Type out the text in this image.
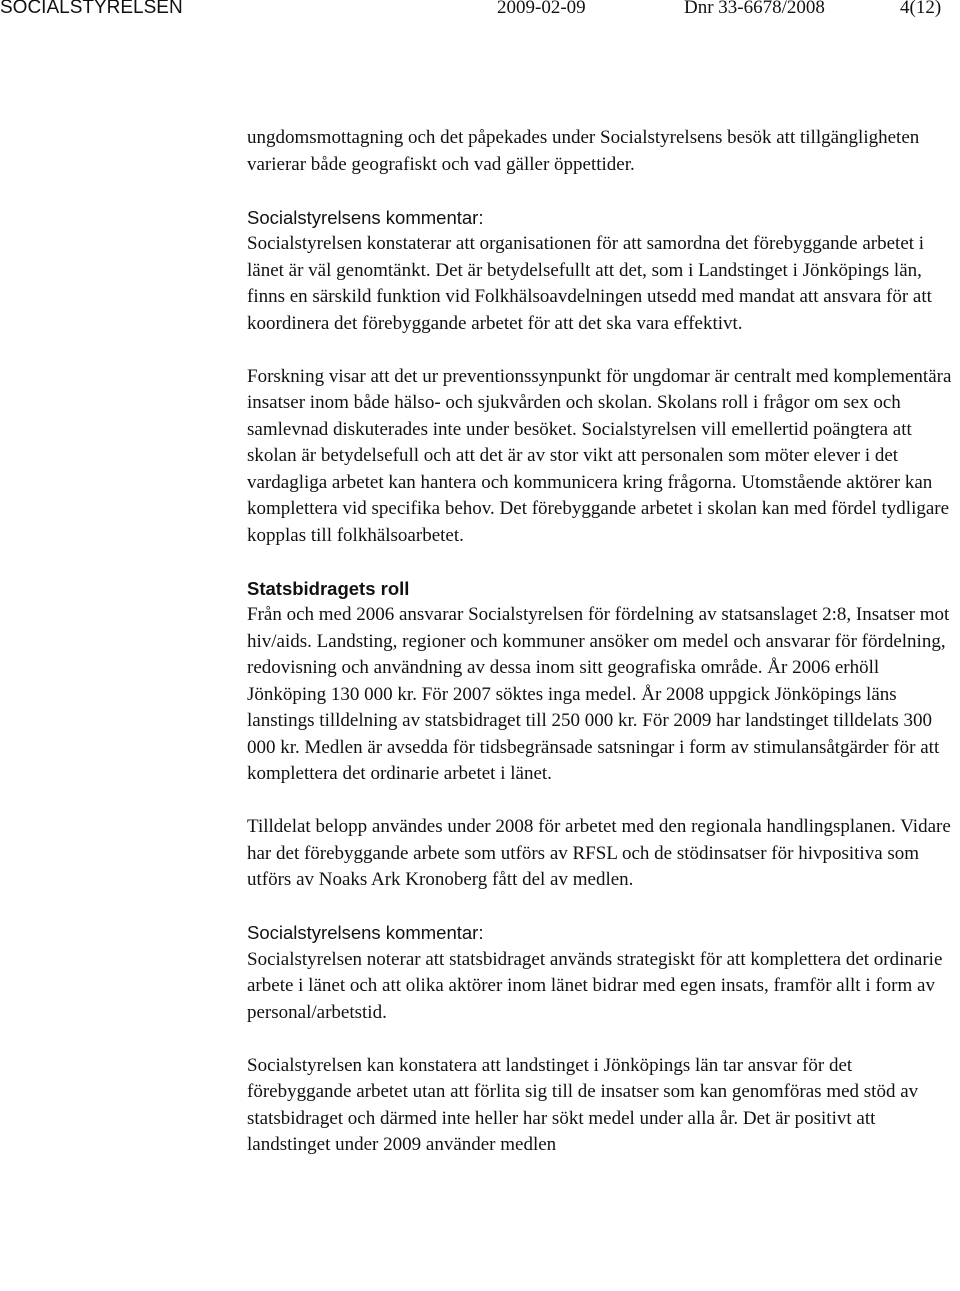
SOCIALSTYRELSEN	2009-02-09	Dnr 33-6678/2008	4(12)

ungdomsmottagning och det påpekades under Socialstyrelsens besök att tillgängligheten varierar både geografiskt och vad gäller öppettider.

Socialstyrelsens kommentar:

Socialstyrelsen konstaterar att organisationen för att samordna det förebyggande arbetet i länet är väl genomtänkt. Det är betydelsefullt att det, som i Landstinget i Jönköpings län, finns en särskild funktion vid Folkhälsoavdelningen utsedd med mandat att ansvara för att koordinera det förebyggande arbetet för att det ska vara effektivt.

Forskning visar att det ur preventionssynpunkt för ungdomar är centralt med komplementära insatser inom både hälso- och sjukvården och skolan. Skolans roll i frågor om sex och samlevnad diskuterades inte under besöket. Socialstyrelsen vill emellertid poängtera att skolan är betydelsefull och att det är av stor vikt att personalen som möter elever i det vardagliga arbetet kan hantera och kommunicera kring frågorna. Utomstående aktörer kan komplettera vid specifika behov. Det förebyggande arbetet i skolan kan med fördel tydligare kopplas till folkhälsoarbetet.

Statsbidragets roll

Från och med 2006 ansvarar Socialstyrelsen för fördelning av statsanslaget 2:8, Insatser mot hiv/aids. Landsting, regioner och kommuner ansöker om medel och ansvarar för fördelning, redovisning och användning av dessa inom sitt geografiska område. År 2006 erhöll Jönköping 130 000 kr. För 2007 söktes inga medel. År 2008 uppgick Jönköpings läns lanstings tilldelning av statsbidraget till 250 000 kr. För 2009 har landstinget tilldelats 300 000 kr. Medlen är avsedda för tidsbegränsade satsningar i form av stimulansåtgärder för att komplettera det ordinarie arbetet i länet.

Tilldelat belopp användes under 2008 för arbetet med den regionala handlingsplanen. Vidare har det förebyggande arbete som utförs av RFSL och de stödinsatser för hivpositiva som utförs av Noaks Ark Kronoberg fått del av medlen.

Socialstyrelsens kommentar:

Socialstyrelsen noterar att statsbidraget används strategiskt för att komplettera det ordinarie arbete i länet och att olika aktörer inom länet bidrar med egen insats, framför allt i form av personal/arbetstid.

Socialstyrelsen kan konstatera att landstinget i Jönköpings län tar ansvar för det förebyggande arbetet utan att förlita sig till de insatser som kan genomföras med stöd av statsbidraget och därmed inte heller har sökt medel under alla år. Det är positivt att landstinget under 2009 använder medlen
